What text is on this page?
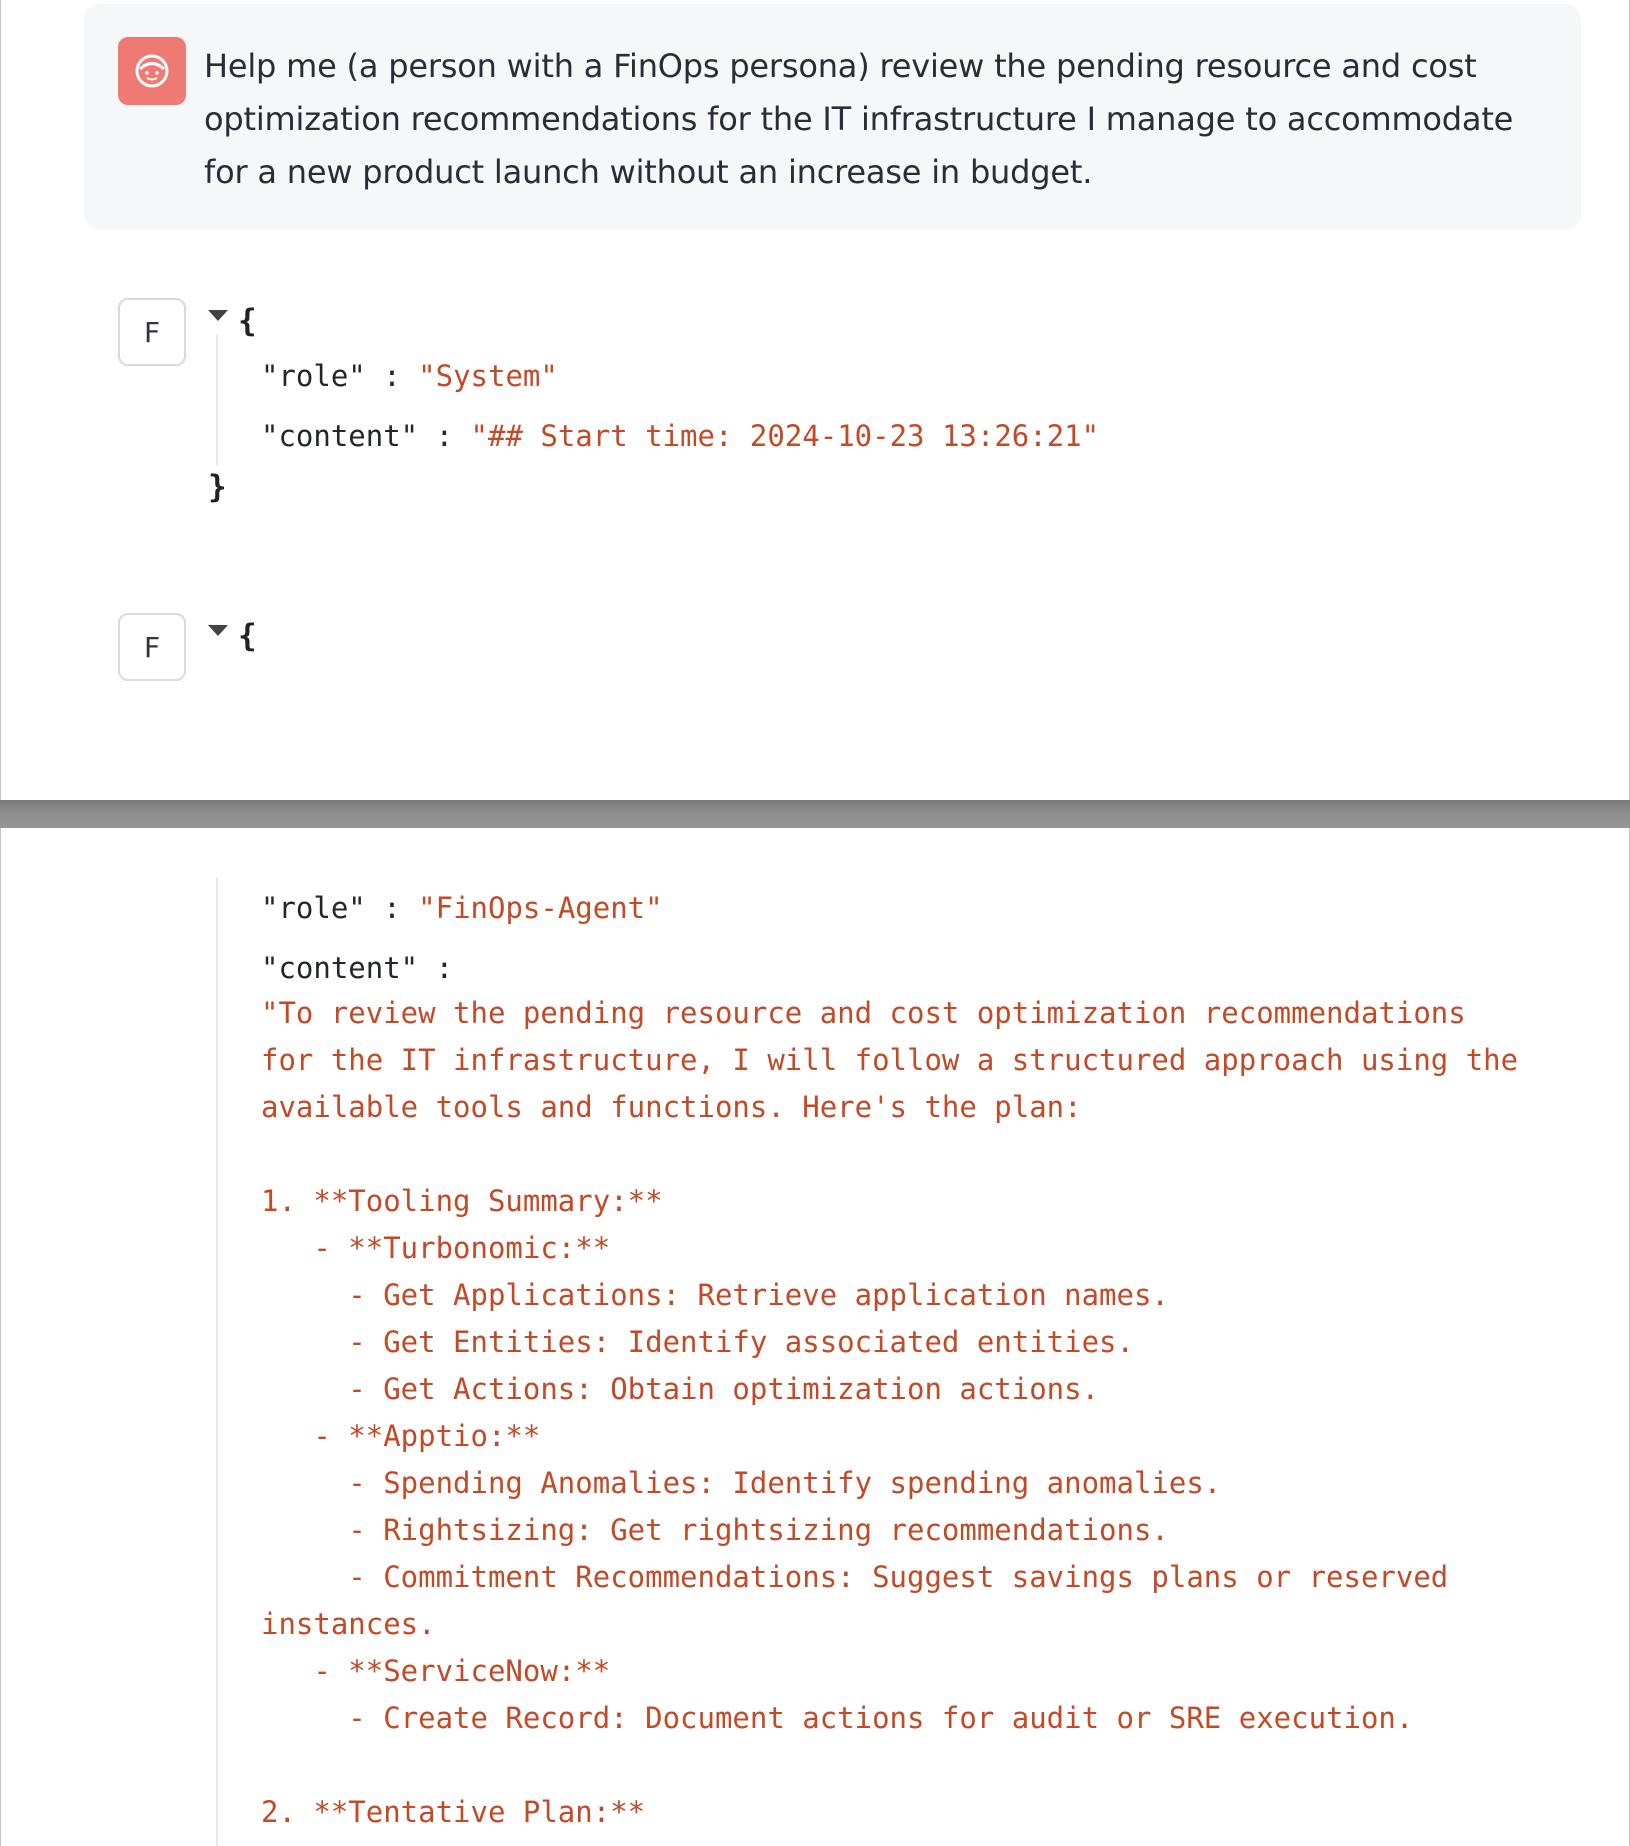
Help me (a person with a FinOps persona) review the pending resource and cost optimization recommendations for the IT infrastructure I manage to accommodate for a new product launch without an increase in budget.
F	{
"role" : "System"
"content" : "## Start time: 2024-10-23 13:26:21"
}
F	{
"role" : "FinOps-Agent"
"content" :
"To review the pending resource and cost optimization recommendations
for the IT infrastructure, I will follow a structured approach using the
available tools and functions. Here's the plan:

1. **Tooling Summary:**
- **Turbonomic:**
- Get Applications: Retrieve application names.
- Get Entities: Identify associated entities.
- Get Actions: Obtain optimization actions.
- **Apptio:**
- Spending Anomalies: Identify spending anomalies.
- Rightsizing: Get rightsizing recommendations.
- Commitment Recommendations: Suggest savings plans or reserved
instances.
- **ServiceNow:**
- Create Record: Document actions for audit or SRE execution.

2. **Tentative Plan:**
